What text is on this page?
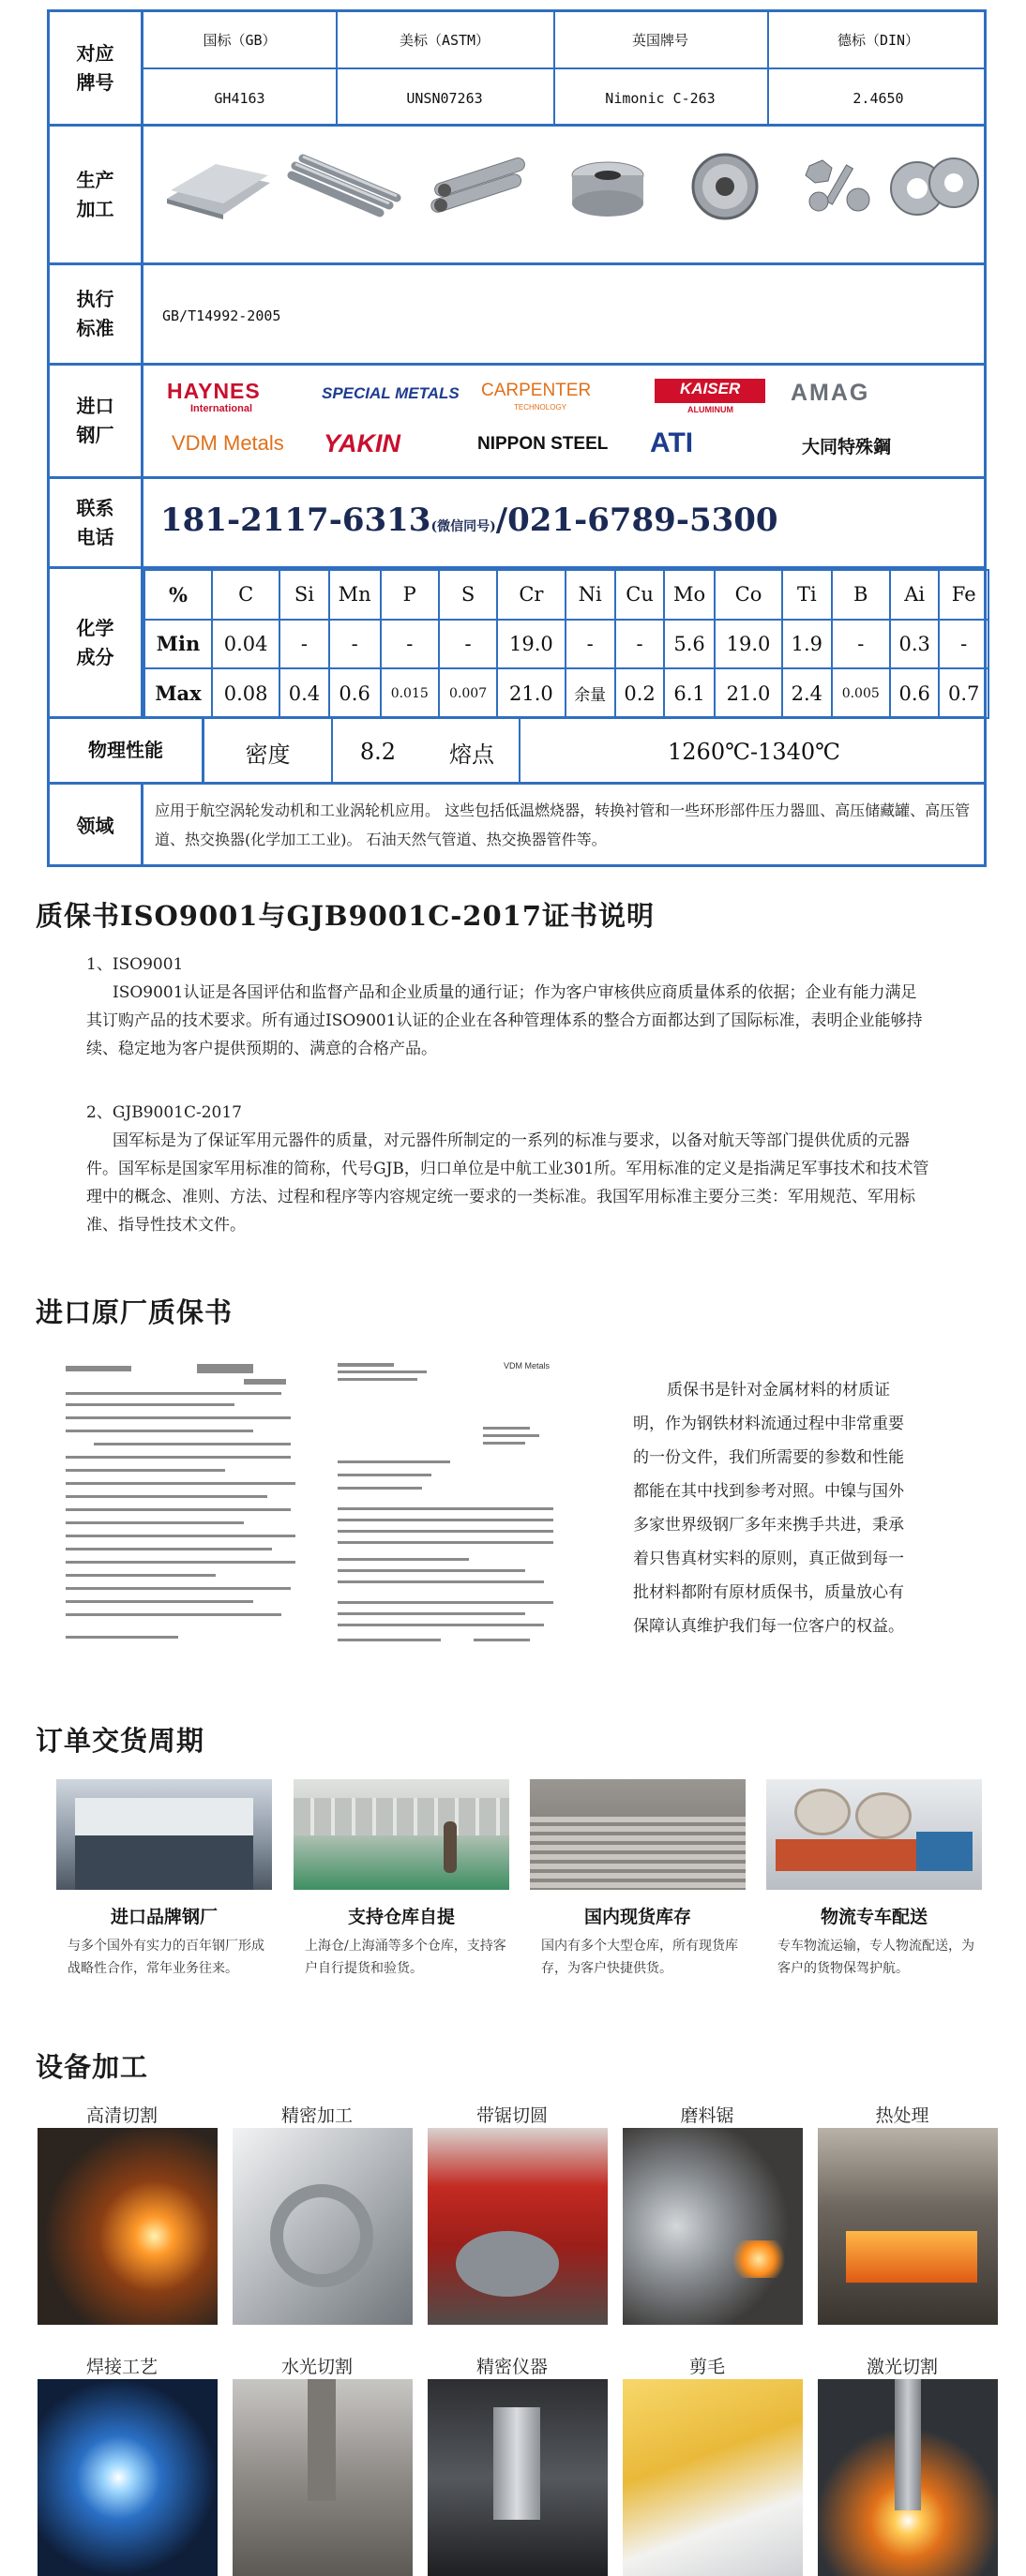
对应
牌号
国标（GB）	美标（ASTM）	英国牌号	德标（DIN）
GH4163	UNSN07263	Nimonic C-263	2.4650
生产
加工
执行
标准
GB/T14992-2005
进口
钢厂
HAYNES
International
SPECIAL METALS CARPENTER
TECHNOLOGY
KAISER
ALUMINUM
AMAG
VDM Metals YAKIN	NIPPON STEEL ATI	大同特殊鋼
联系
电话	181-2117-6313(微信同号)/021-6789-5300
化学
成分
%	C	Si	Mn	P	S	Cr	Ni	Cu	Mo	Co	Ti	B	Ai	Fe
Min	0.04	-	-	-	-	19.0	-	-	5.6	19.0	1.9	-	0.3	-
Max	0.08	0.4	0.6	0.015	0.007	21.0	余量	0.2	6.1	21.0	2.4	0.005	0.6	0.7
物理性能	密度	8.2	熔点	1260℃-1340℃
领域
应用于航空涡轮发动机和工业涡轮机应用。 这些包括低温燃烧器，转换衬管和一些环形部件压力器皿、高压储藏罐、高压管道、热交换器(化学加工工业)。 石油天然气管道、热交换器管件等。
质保书ISO9001与GJB9001C-2017证书说明
1、ISO9001
ISO9001认证是各国评估和监督产品和企业质量的通行证；作为客户审核供应商质量体系的依据；企业有能力满足其订购产品的技术要求。所有通过ISO9001认证的企业在各种管理体系的整合方面都达到了国际标准，表明企业能够持续、稳定地为客户提供预期的、满意的合格产品。
2、GJB9001C-2017
国军标是为了保证军用元器件的质量，对元器件所制定的一系列的标准与要求，以备对航天等部门提供优质的元器件。国军标是国家军用标准的简称，代号GJB，归口单位是中航工业301所。军用标准的定义是指满足军事技术和技术管理中的概念、准则、方法、过程和程序等内容规定统一要求的一类标准。我国军用标准主要分三类：军用规范、军用标准、指导性技术文件。
进口原厂质保书
VDM Metals
质保书是针对金属材料的材质证明，作为钢铁材料流通过程中非常重要的一份文件，我们所需要的参数和性能都能在其中找到参考对照。中镍与国外多家世界级钢厂多年来携手共进，秉承着只售真材实料的原则，真正做到每一批材料都附有原材质保书，质量放心有保障认真维护我们每一位客户的权益。
订单交货周期
进口品牌钢厂	支持仓库自提	国内现货库存	物流专车配送
与多个国外有实力的百年钢厂形成战略性合作，常年业务往来。
上海仓/上海涌等多个仓库，支持客户自行提货和验货。
国内有多个大型仓库，所有现货库存，为客户快捷供货。
专车物流运输，专人物流配送，为客户的货物保驾护航。
设备加工
高清切割	精密加工	带锯切圆	磨料锯	热处理
焊接工艺	水光切割	精密仪器	剪毛	激光切割
